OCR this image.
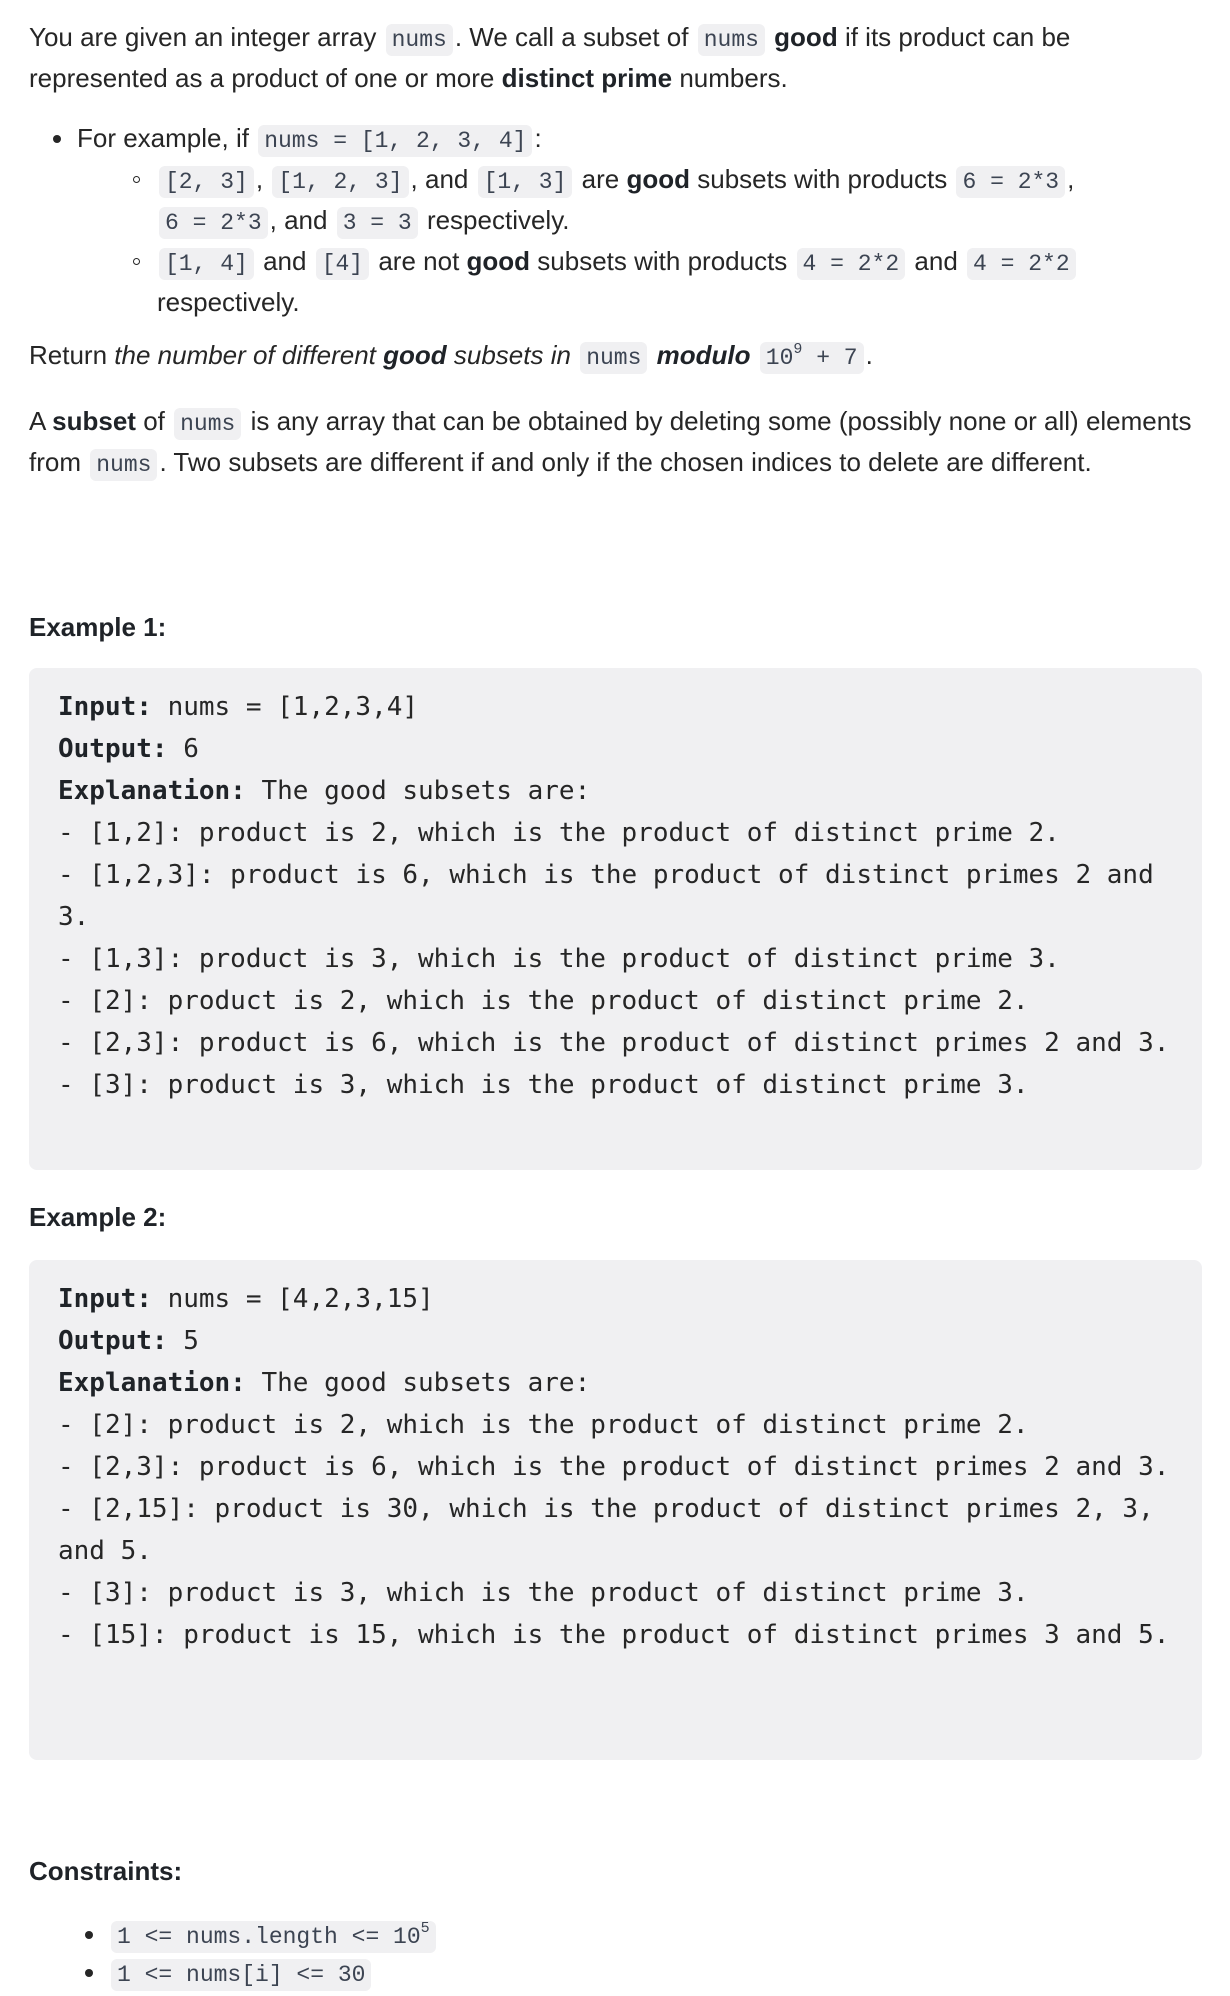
You are given an integer array nums . We call a subset of nums good if its product can be represented as a product of one or more distinct prime numbers.

For example, if nums = [1, 2, 3, 4] :
[2, 3] , [1, 2, 3] , and [1, 3] are good subsets with products 6 = 2*3 , 6 = 2*3 , and 3 = 3 respectively.
[1, 4] and [4] are not good subsets with products 4 = 2*2 and 4 = 2*2 respectively.

Return the number of different good subsets in nums modulo $10^9 + 7$ .

A subset of nums is any array that can be obtained by deleting some (possibly none or all) elements from nums . Two subsets are different if and only if the chosen indices to delete are different.

Example 1:
Input: nums = [1,2,3,4]
Output: 6
Explanation: The good subsets are:
- [1,2]: product is 2, which is the product of distinct prime 2.
- [1,2,3]: product is 6, which is the product of distinct primes 2 and 3.
- [1,3]: product is 3, which is the product of distinct prime 3.
- [2]: product is 2, which is the product of distinct prime 2.
- [2,3]: product is 6, which is the product of distinct primes 2 and 3.
- [3]: product is 3, which is the product of distinct prime 3.
Example 2:
Input: nums = [4,2,3,15]
Output: 5
Explanation: The good subsets are:
- [2]: product is 2, which is the product of distinct prime 2.
- [2,3]: product is 6, which is the product of distinct primes 2 and 3.
- [2,15]: product is 30, which is the product of distinct primes 2, 3, and 5.
- [3]: product is 3, which is the product of distinct prime 3.
- [15]: product is 15, which is the product of distinct primes 3 and 5.
Constraints:
1 <= nums.length <= $10^5$
1 <= nums[i] <= 30
